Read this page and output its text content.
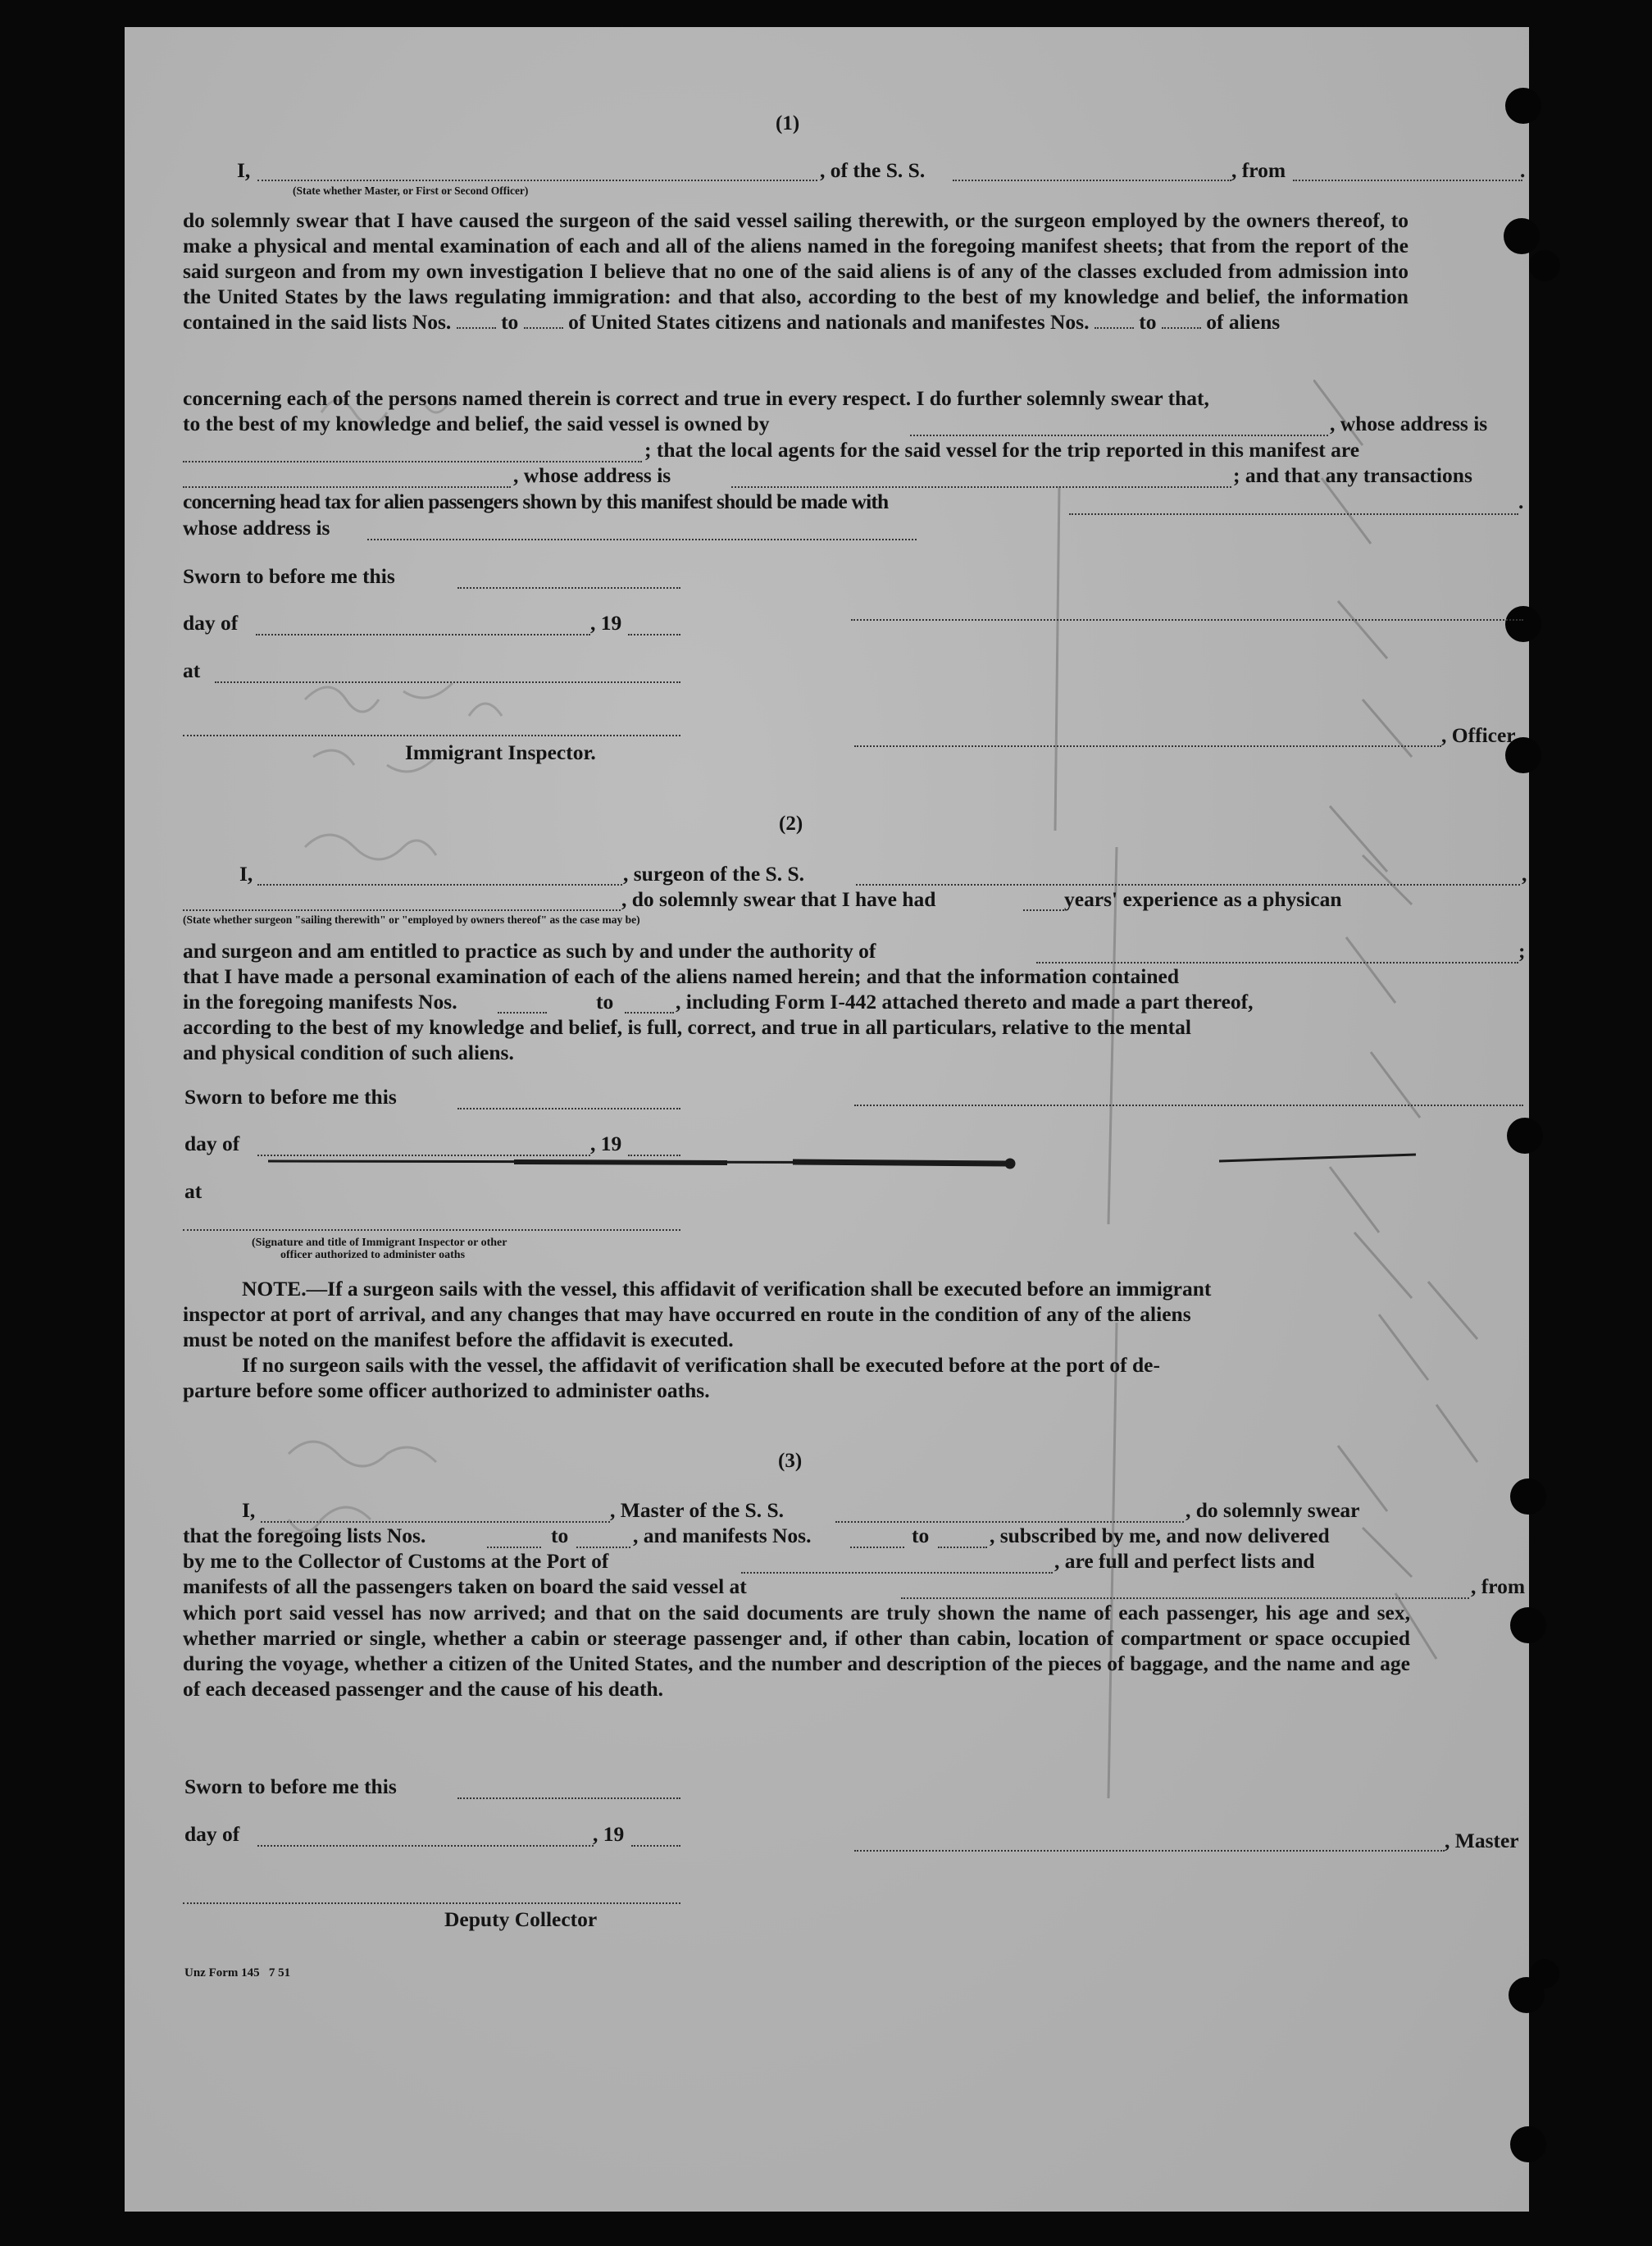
(1)
I,	, of the S. S.	, from	.
(State whether Master, or First or Second Officer)
do solemnly swear that I have caused the surgeon of the said vessel sailing therewith, or the surgeon employed by the owners thereof, to make a physical and mental examination of each and all of the aliens named in the foregoing manifest sheets; that from the report of the said surgeon and from my own investigation I believe that no one of the said aliens is of any of the classes excluded from admission into the United States by the laws regulating immigration: and that also, according to the best of my knowledge and belief, the information contained in the said lists Nos. to of United States citizens and nationals and manifestes Nos. to of aliens
concerning each of the persons named therein is correct and true in every respect. I do further solemnly swear that,
to the best of my knowledge and belief, the said vessel is owned by	, whose address is
; that the local agents for the said vessel for the trip reported in this manifest are
, whose address is	; and that any transactions
concerning head tax for alien passengers shown by this manifest should be made with	.
whose address is
Sworn to before me this
day of	, 19
at
, Officer
Immigrant Inspector.
(2)
I,	, surgeon of the S. S.	,
, do solemnly swear that I have had	years' experience as a physican
(State whether surgeon "sailing therewith" or "employed by owners thereof" as the case may be)
and surgeon and am entitled to practice as such by and under the authority of	;
that I have made a personal examination of each of the aliens named herein; and that the information contained
in the foregoing manifests Nos.	to	, including Form I-442 attached thereto and made a part thereof,
according to the best of my knowledge and belief, is full, correct, and true in all particulars, relative to the mental
and physical condition of such aliens.
Sworn to before me this
day of	, 19
at
(Signature and title of Immigrant Inspector or other
officer authorized to administer oaths
NOTE.—If a surgeon sails with the vessel, this affidavit of verification shall be executed before an immigrant
inspector at port of arrival, and any changes that may have occurred en route in the condition of any of the aliens
must be noted on the manifest before the affidavit is executed.
If no surgeon sails with the vessel, the affidavit of verification shall be executed before at the port of de-
parture before some officer authorized to administer oaths.
(3)
I,	, Master of the S. S.	, do solemnly swear
that the foregoing lists Nos.	to	, and manifests Nos.	to	, subscribed by me, and now delivered
by me to the Collector of Customs at the Port of	, are full and perfect lists and
manifests of all the passengers taken on board the said vessel at	, from
which port said vessel has now arrived; and that on the said documents are truly shown the name of each passenger, his age and sex, whether married or single, whether a cabin or steerage passenger and, if other than cabin, location of compartment or space occupied during the voyage, whether a citizen of the United States, and the number and description of the pieces of baggage, and the name and age of each deceased passenger and the cause of his death.
Sworn to before me this
day of	, 19	, Master
Deputy Collector
Unz Form 145   7 51
